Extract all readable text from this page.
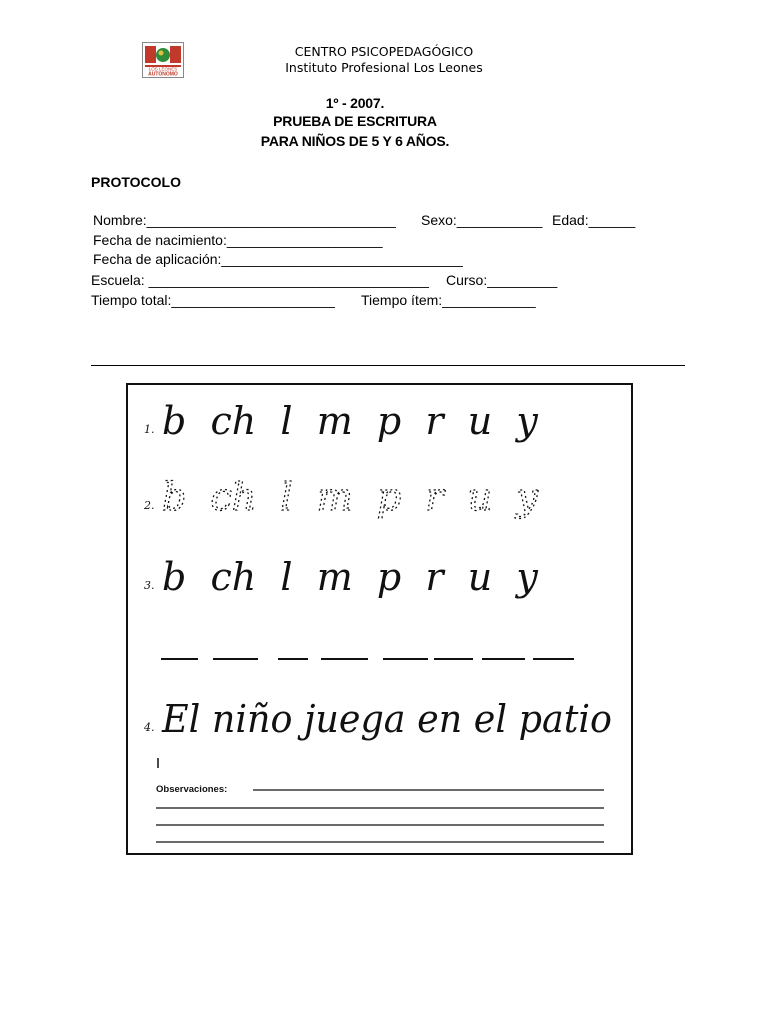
LOS LEONES
AUTONOMO
CENTRO PSICOPEDAGÓGICO
Instituto Profesional Los Leones
1º - 2007.
PRUEBA DE ESCRITURA
PARA NIÑOS DE 5 Y 6 AÑOS.
PROTOCOLO
Nombre:________________________________ Sexo:___________ Edad:______
Fecha de nacimiento:____________________
Fecha de aplicación:_______________________________
Escuela: ____________________________________ Curso:_________
Tiempo total:_____________________ Tiempo ítem:____________
1. b  ch  l  m  p  r  u  y
2. b  ch  l  m  p  r  u  y
3. b  ch  l  m  p  r  u  y
4. El niño juega en el patio
Observaciones:
